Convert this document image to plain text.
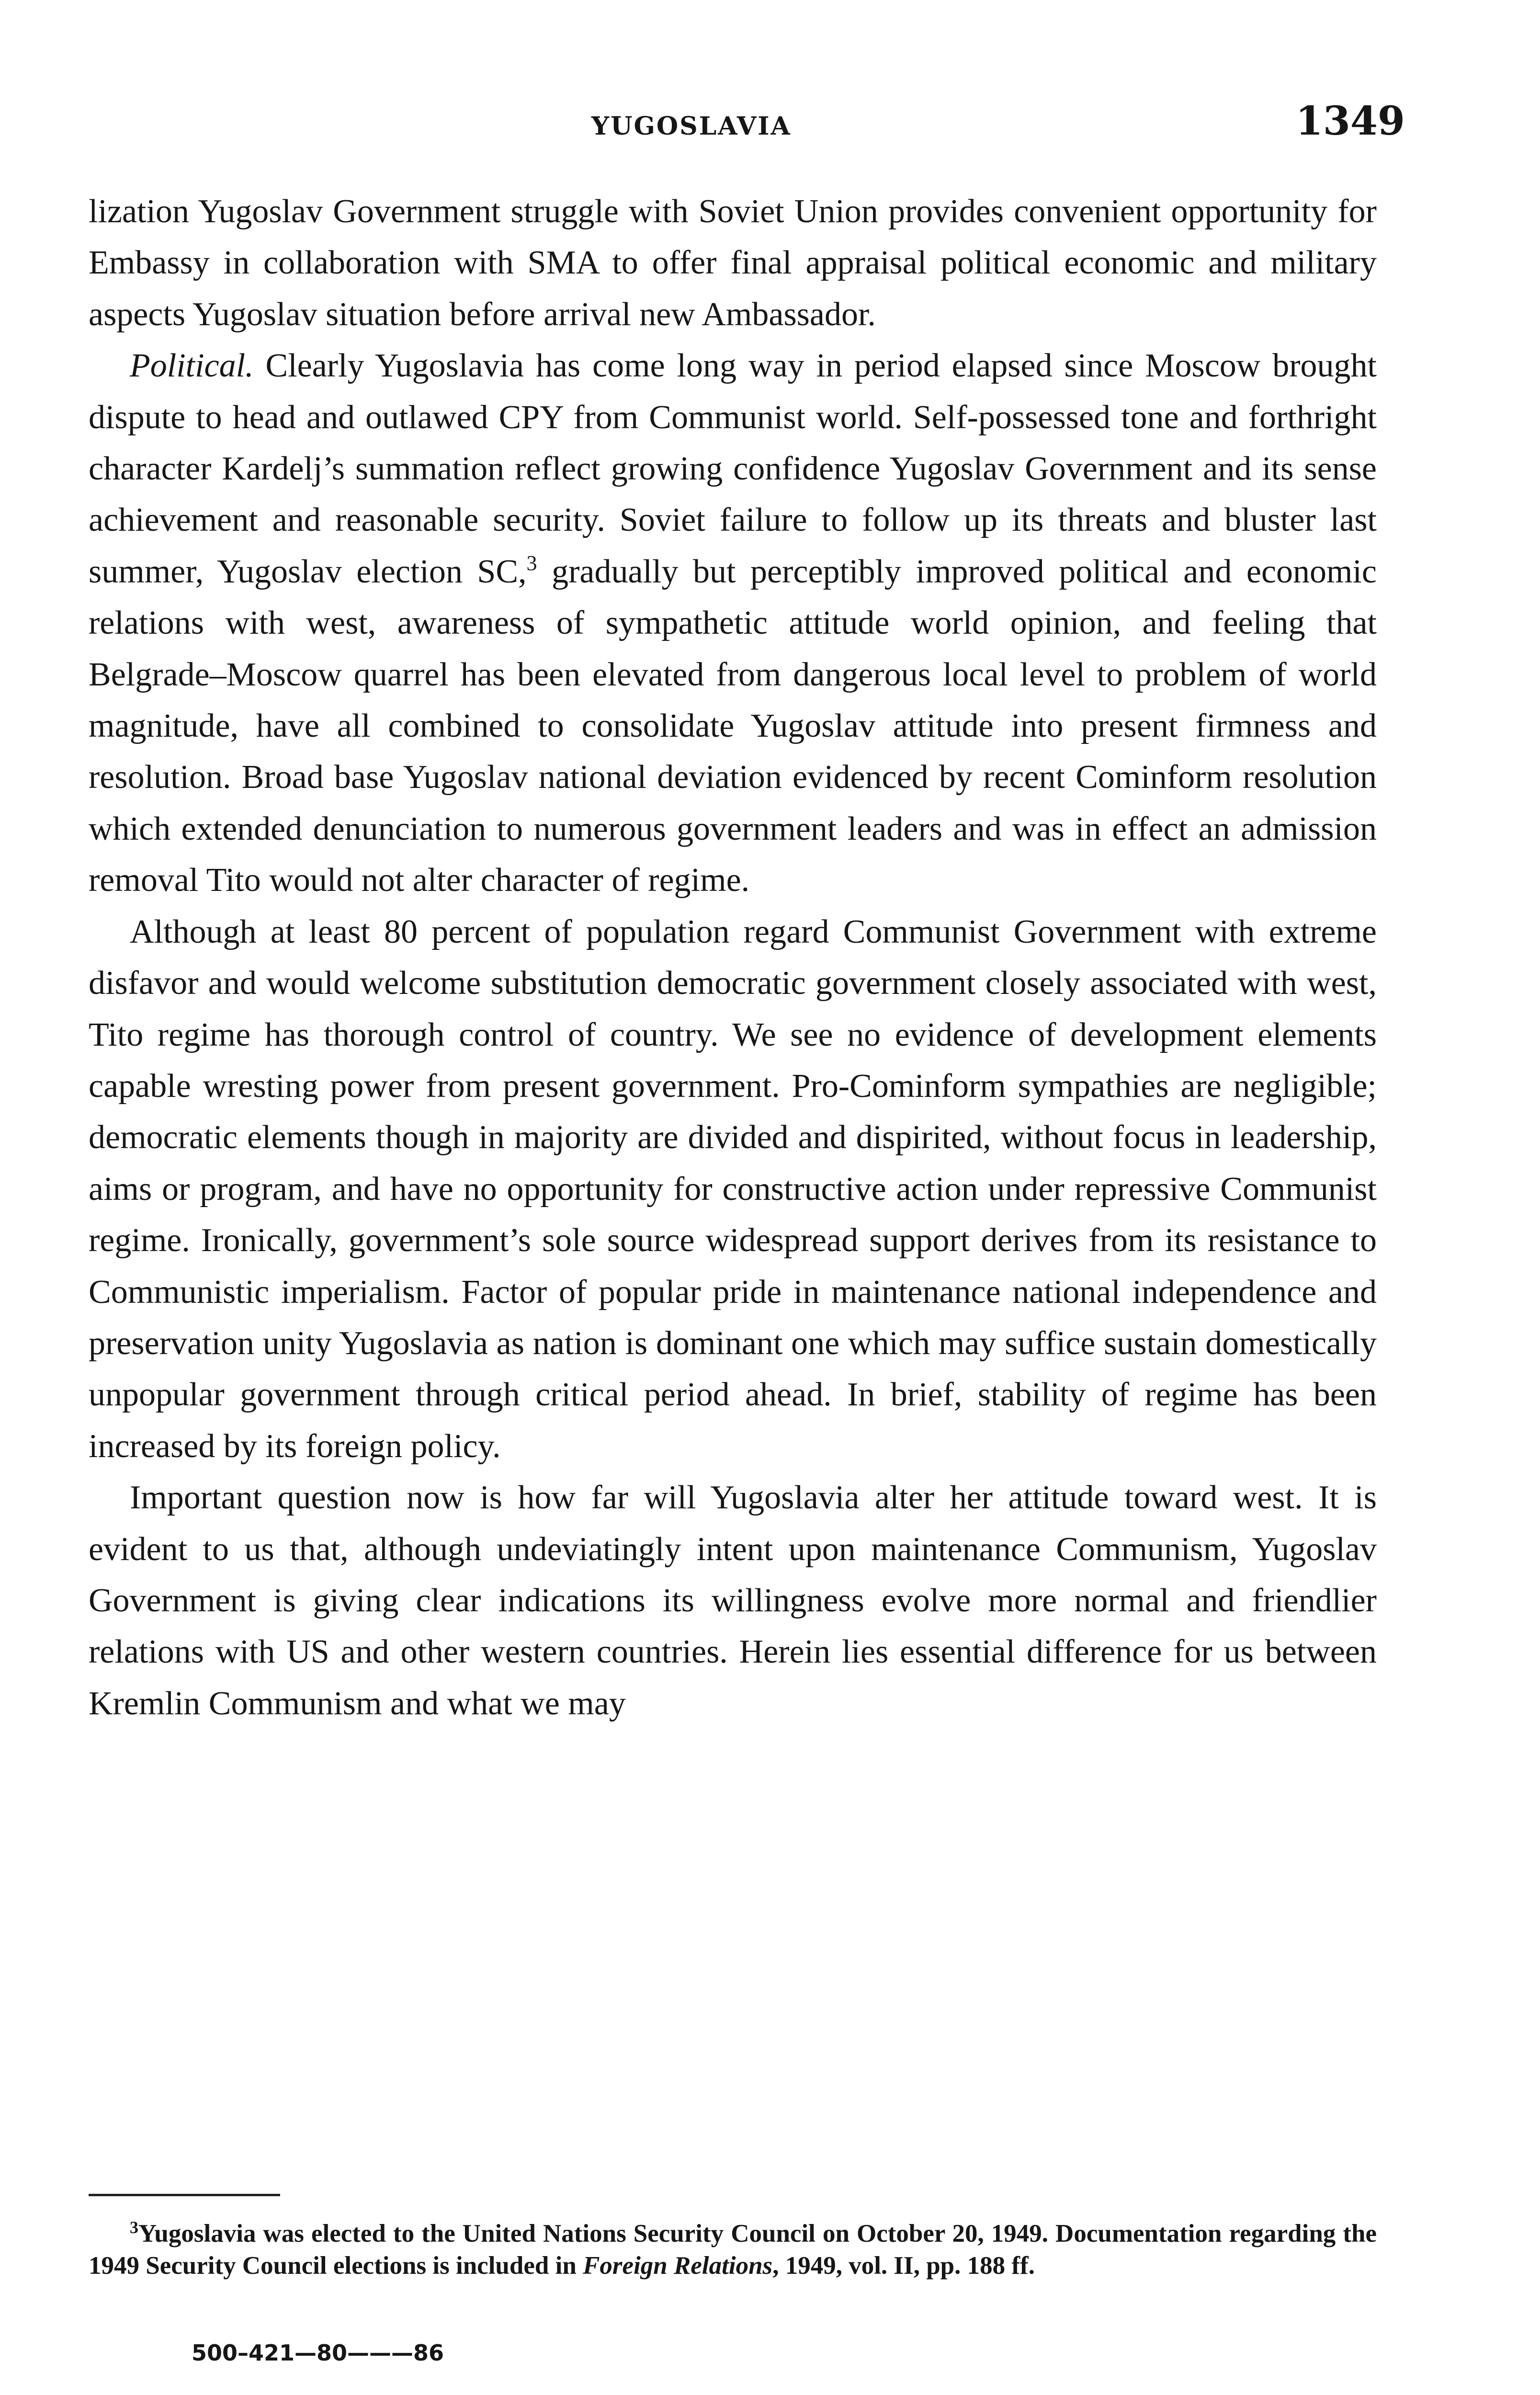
YUGOSLAVIA	1349

lization Yugoslav Government struggle with Soviet Union provides convenient opportunity for Embassy in collaboration with SMA to offer final appraisal political economic and military aspects Yugoslav situation before arrival new Ambassador.

Political. Clearly Yugoslavia has come long way in period elapsed since Moscow brought dispute to head and outlawed CPY from Communist world. Self-possessed tone and forthright character Kardelj’s summation reflect growing confidence Yugoslav Government and its sense achievement and reasonable security. Soviet failure to follow up its threats and bluster last summer, Yugoslav election SC,$^3$ gradually but perceptibly improved political and economic relations with west, awareness of sympathetic attitude world opinion, and feeling that Belgrade–Moscow quarrel has been elevated from dangerous local level to problem of world magnitude, have all combined to consolidate Yugoslav attitude into present firmness and resolution. Broad base Yugoslav national deviation evidenced by recent Cominform resolution which extended denunciation to numerous government leaders and was in effect an admission removal Tito would not alter character of regime.

Although at least 80 percent of population regard Communist Government with extreme disfavor and would welcome substitution democratic government closely associated with west, Tito regime has thorough control of country. We see no evidence of development elements capable wresting power from present government. Pro-Cominform sympathies are negligible; democratic elements though in majority are divided and dispirited, without focus in leadership, aims or program, and have no opportunity for constructive action under repressive Communist regime. Ironically, government’s sole source widespread support derives from its resistance to Communistic imperialism. Factor of popular pride in maintenance national independence and preservation unity Yugoslavia as nation is dominant one which may suffice sustain domestically unpopular government through critical period ahead. In brief, stability of regime has been increased by its foreign policy.

Important question now is how far will Yugoslavia alter her attitude toward west. It is evident to us that, although undeviatingly intent upon maintenance Communism, Yugoslav Government is giving clear indications its willingness evolve more normal and friendlier relations with US and other western countries. Herein lies essential difference for us between Kremlin Communism and what we may

$^3$Yugoslavia was elected to the United Nations Security Council on October 20, 1949. Documentation regarding the 1949 Security Council elections is included in Foreign Relations, 1949, vol. II, pp. 188 ff.

500–421—80———86
